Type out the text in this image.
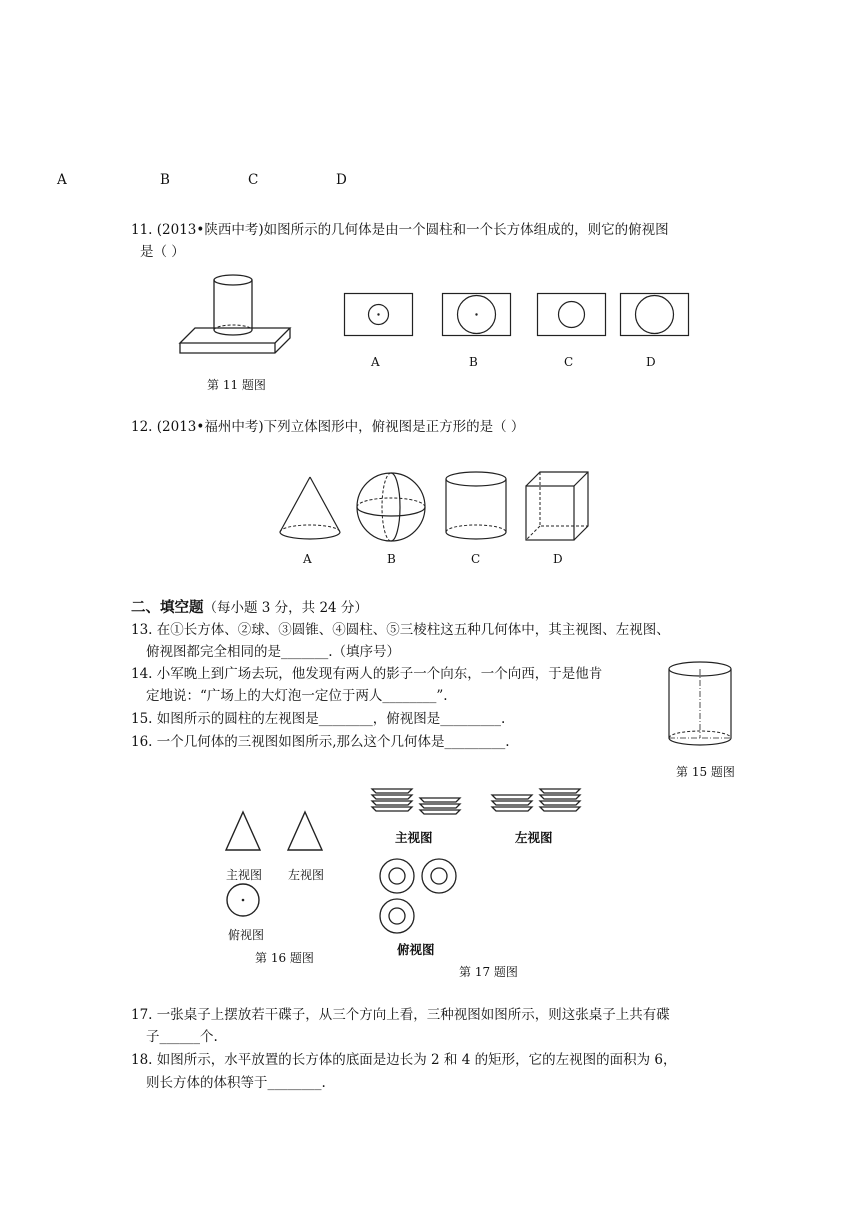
A	B	C	D
11. (2013•陕西中考)如图所示的几何体是由一个圆柱和一个长方体组成的，则它的俯视图
是（ ）
第 11 题图
A	B	C	D
12. (2013•福州中考)下列立体图形中，俯视图是正方形的是（ ）
A	B	C	D
二、填空题（每小题 3 分，共 24 分）
13. 在①长方体、②球、③圆锥、④圆柱、⑤三棱柱这五种几何体中，其主视图、左视图、
俯视图都完全相同的是_______.（填序号）
14. 小军晚上到广场去玩，他发现有两人的影子一个向东，一个向西，于是他肯
定地说：“广场上的大灯泡一定位于两人________”.
15. 如图所示的圆柱的左视图是________，俯视图是_________.
第 15 题图
16. 一个几何体的三视图如图所示,那么这个几何体是_________.
主视图 左视图
俯视图
第 16 题图
主视图	左视图
俯视图
第 17 题图
17. 一张桌子上摆放若干碟子，从三个方向上看，三种视图如图所示，则这张桌子上共有碟
子______个.
18. 如图所示，水平放置的长方体的底面是边长为 2 和 4 的矩形，它的左视图的面积为 6，
则长方体的体积等于________.
